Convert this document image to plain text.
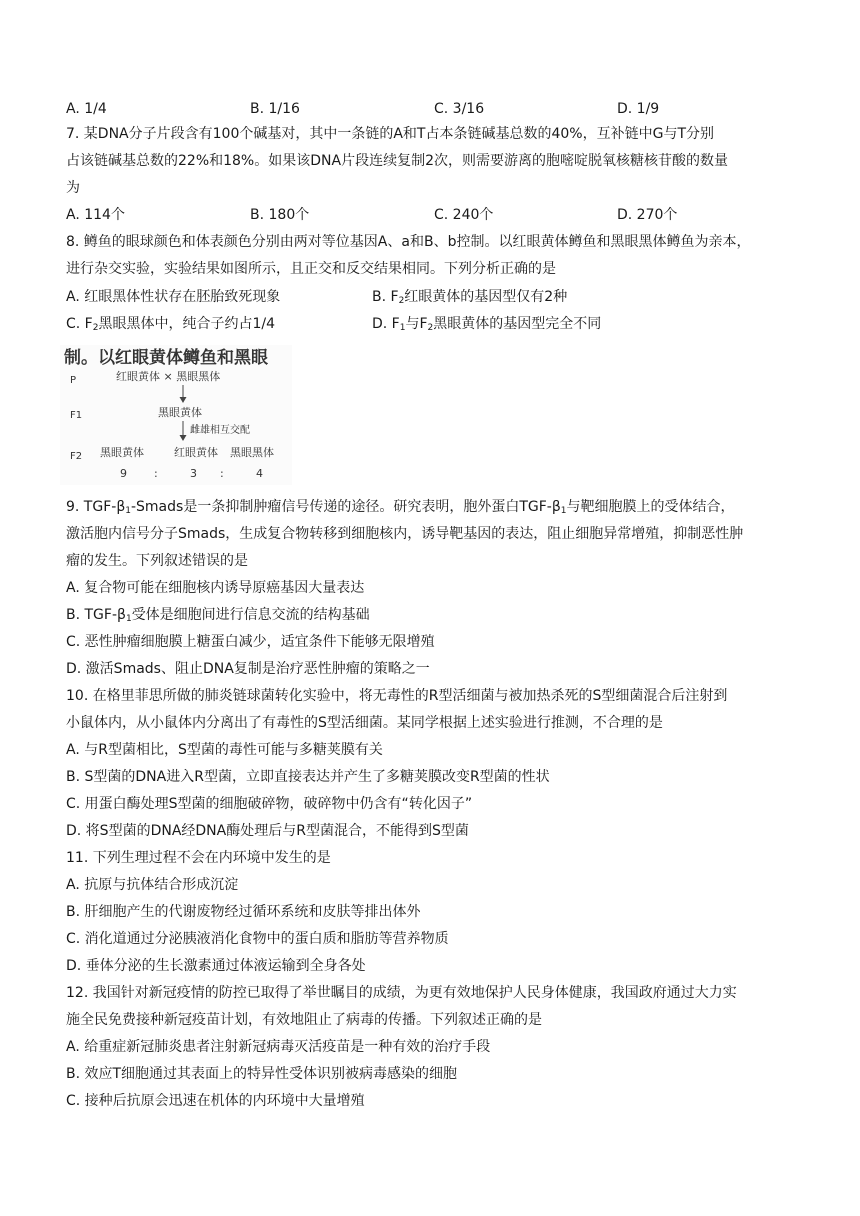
A. 1/4	B. 1/16	C. 3/16	D. 1/9
7. 某DNA分子片段含有100个碱基对，其中一条链的A和T占本条链碱基总数的40%，互补链中G与T分别
占该链碱基总数的22%和18%。如果该DNA片段连续复制2次，则需要游离的胞嘧啶脱氧核糖核苷酸的数量
为
A. 114个	B. 180个	C. 240个	D. 270个
8. 鳟鱼的眼球颜色和体表颜色分别由两对等位基因A、a和B、b控制。以红眼黄体鳟鱼和黑眼黑体鳟鱼为亲本，
进行杂交实验，实验结果如图所示，且正交和反交结果相同。下列分析正确的是
A. 红眼黑体性状存在胚胎致死现象	B. $F_2$红眼黄体的基因型仅有2种
C. $F_2$黑眼黑体中，纯合子约占1/4	D. $F_1$与$F_2$黑眼黄体的基因型完全不同
制。以红眼黄体鳟鱼和黑眼
P	红眼黄体 × 黑眼黑体
F1	黑眼黄体
雌雄相互交配
F2 黑眼黄体	红眼黄体 黑眼黑体
9 :	3 :	4
9. TGF-$\beta_1$-Smads是一条抑制肿瘤信号传递的途径。研究表明，胞外蛋白TGF-$\beta_1$与靶细胞膜上的受体结合，
激活胞内信号分子Smads，生成复合物转移到细胞核内，诱导靶基因的表达，阻止细胞异常增殖，抑制恶性肿
瘤的发生。下列叙述错误的是
A. 复合物可能在细胞核内诱导原癌基因大量表达
B. TGF-$\beta_1$受体是细胞间进行信息交流的结构基础
C. 恶性肿瘤细胞膜上糖蛋白减少，适宜条件下能够无限增殖
D. 激活Smads、阻止DNA复制是治疗恶性肿瘤的策略之一
10. 在格里菲思所做的肺炎链球菌转化实验中，将无毒性的R型活细菌与被加热杀死的S型细菌混合后注射到
小鼠体内，从小鼠体内分离出了有毒性的S型活细菌。某同学根据上述实验进行推测，不合理的是
A. 与R型菌相比，S型菌的毒性可能与多糖荚膜有关
B. S型菌的DNA进入R型菌，立即直接表达并产生了多糖荚膜改变R型菌的性状
C. 用蛋白酶处理S型菌的细胞破碎物，破碎物中仍含有“转化因子”
D. 将S型菌的DNA经DNA酶处理后与R型菌混合，不能得到S型菌
11. 下列生理过程不会在内环境中发生的是
A. 抗原与抗体结合形成沉淀
B. 肝细胞产生的代谢废物经过循环系统和皮肤等排出体外
C. 消化道通过分泌胰液消化食物中的蛋白质和脂肪等营养物质
D. 垂体分泌的生长激素通过体液运输到全身各处
12. 我国针对新冠疫情的防控已取得了举世瞩目的成绩，为更有效地保护人民身体健康，我国政府通过大力实
施全民免费接种新冠疫苗计划，有效地阻止了病毒的传播。下列叙述正确的是
A. 给重症新冠肺炎患者注射新冠病毒灭活疫苗是一种有效的治疗手段
B. 效应T细胞通过其表面上的特异性受体识别被病毒感染的细胞
C. 接种后抗原会迅速在机体的内环境中大量增殖
